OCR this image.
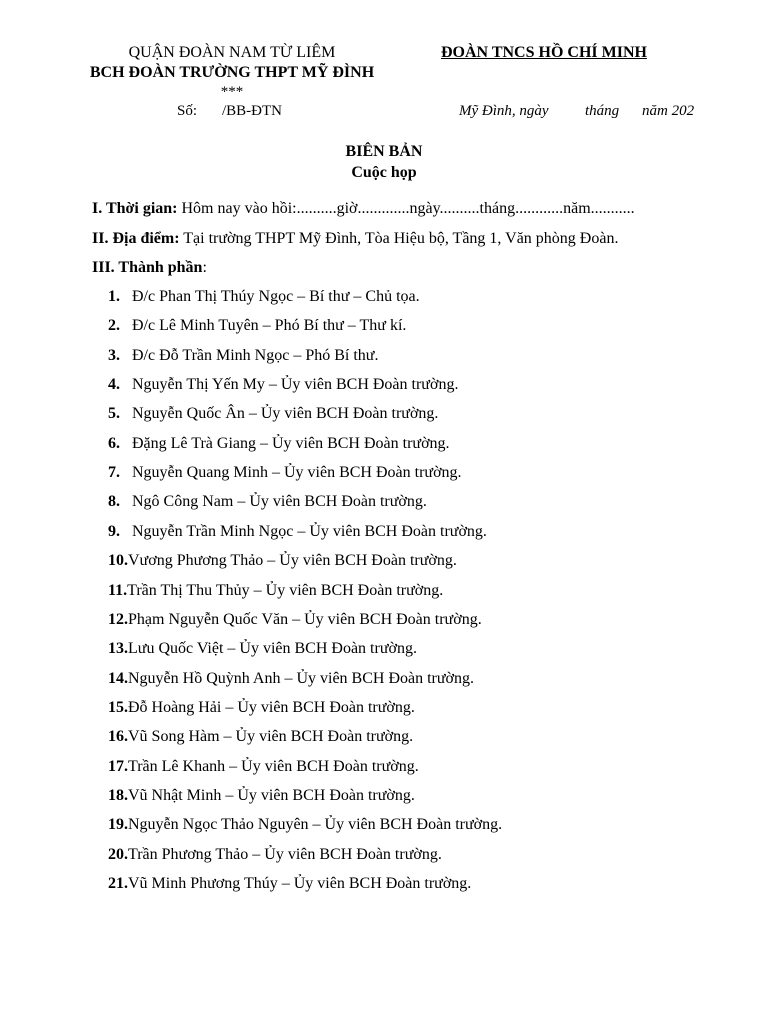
QUẬN ĐOÀN NAM TỪ LIÊM
BCH ĐOÀN TRƯỜNG THPT MỸ ĐÌNH
***
Số: /BB-ĐTN
ĐOÀN TNCS HỒ CHÍ MINH
Mỹ Đình, ngày tháng năm 202
BIÊN BẢN
Cuộc họp
I. Thời gian: Hôm nay vào hồi:..........giờ.............ngày..........tháng............năm...........
II. Địa điểm: Tại trường THPT Mỹ Đình, Tòa Hiệu bộ, Tầng 1, Văn phòng Đoàn.
III. Thành phần:
1. Đ/c Phan Thị Thúy Ngọc – Bí thư – Chủ tọa.
2. Đ/c Lê Minh Tuyên – Phó Bí thư – Thư kí.
3. Đ/c Đỗ Trần Minh Ngọc – Phó Bí thư.
4. Nguyễn Thị Yến My – Ủy viên BCH Đoàn trường.
5. Nguyễn Quốc Ân – Ủy viên BCH Đoàn trường.
6. Đặng Lê Trà Giang – Ủy viên BCH Đoàn trường.
7. Nguyễn Quang Minh – Ủy viên BCH Đoàn trường.
8. Ngô Công Nam – Ủy viên BCH Đoàn trường.
9. Nguyễn Trần Minh Ngọc – Ủy viên BCH Đoàn trường.
10.Vương Phương Thảo – Ủy viên BCH Đoàn trường.
11.Trần Thị Thu Thủy – Ủy viên BCH Đoàn trường.
12.Phạm Nguyễn Quốc Văn – Ủy viên BCH Đoàn trường.
13.Lưu Quốc Việt – Ủy viên BCH Đoàn trường.
14.Nguyễn Hồ Quỳnh Anh – Ủy viên BCH Đoàn trường.
15.Đỗ Hoàng Hải – Ủy viên BCH Đoàn trường.
16.Vũ Song Hàm – Ủy viên BCH Đoàn trường.
17.Trần Lê Khanh – Ủy viên BCH Đoàn trường.
18.Vũ Nhật Minh – Ủy viên BCH Đoàn trường.
19.Nguyễn Ngọc Thảo Nguyên – Ủy viên BCH Đoàn trường.
20.Trần Phương Thảo – Ủy viên BCH Đoàn trường.
21.Vũ Minh Phương Thúy – Ủy viên BCH Đoàn trường.
